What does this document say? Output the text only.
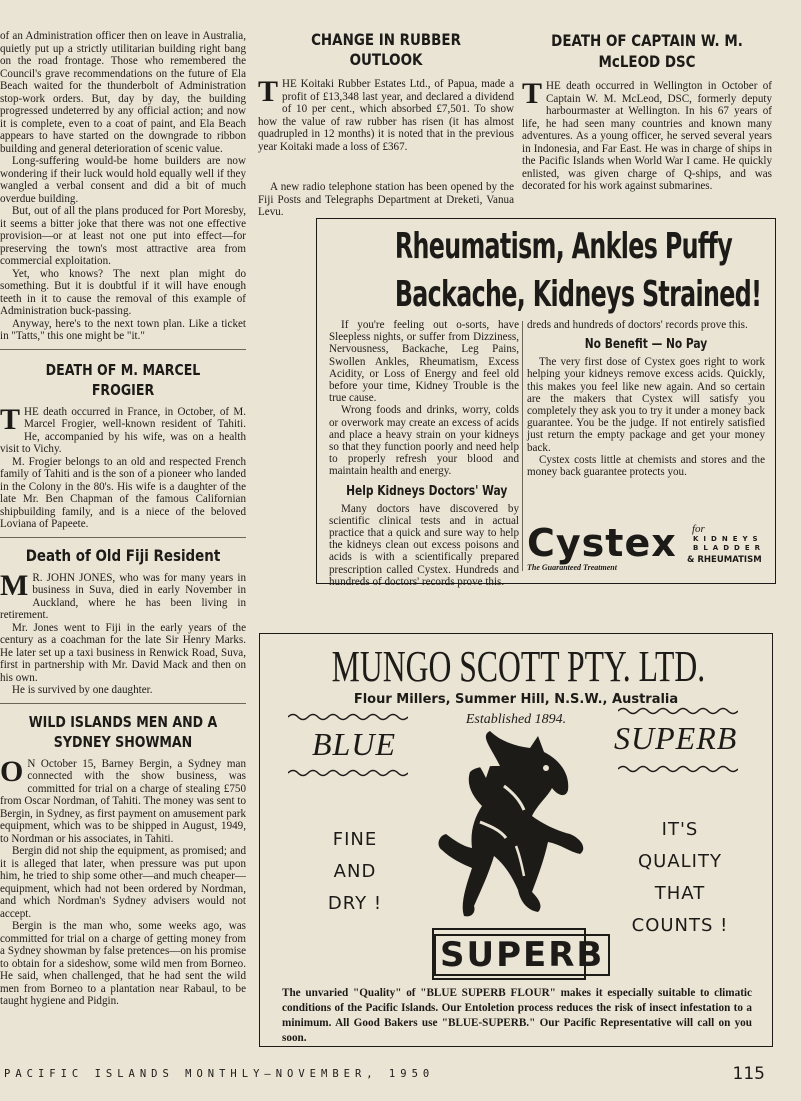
of an Administration officer then on leave in Australia, quietly put up a strictly utilitarian building right bang on the road frontage. Those who remembered the Council's grave recommendations on the future of Ela Beach waited for the thunderbolt of Administration stop-work orders. But, day by day, the building progressed undeterred by any official action; and now it is complete, even to a coat of paint, and Ela Beach appears to have started on the downgrade to ribbon building and general deterioration of scenic value.

Long-suffering would-be home builders are now wondering if their luck would hold equally well if they wangled a verbal consent and did a bit of much overdue building.

But, out of all the plans produced for Port Moresby, it seems a bitter joke that there was not one effective provision—or at least not one put into effect—for preserving the town's most attractive area from commercial exploitation.

Yet, who knows? The next plan might do something. But it is doubtful if it will have enough teeth in it to cause the removal of this example of Administration buck-passing.

Anyway, here's to the next town plan. Like a ticket in "Tatts," this one might be "it."

DEATH OF M. MARCEL FROGIER

THE death occurred in France, in October, of M. Marcel Frogier, well-known resident of Tahiti. He, accompanied by his wife, was on a health visit to Vichy.

M. Frogier belongs to an old and respected French family of Tahiti and is the son of a pioneer who landed in the Colony in the 80's. His wife is a daughter of the late Mr. Ben Chapman of the famous Californian shipbuilding family, and is a niece of the beloved Loviana of Papeete.

Death of Old Fiji Resident

M R. JOHN JONES, who was for many years in business in Suva, died in early November in Auckland, where he has been living in retirement.

Mr. Jones went to Fiji in the early years of the century as a coachman for the late Sir Henry Marks. He later set up a taxi business in Renwick Road, Suva, first in partnership with Mr. David Mack and then on his own.

He is survived by one daughter.

WILD ISLANDS MEN AND A SYDNEY SHOWMAN

O N October 15, Barney Bergin, a Sydney man connected with the show business, was committed for trial on a charge of stealing £750 from Oscar Nordman, of Tahiti. The money was sent to Bergin, in Sydney, as first payment on amusement park equipment, which was to be shipped in August, 1949, to Nordman or his associates, in Tahiti.

Bergin did not ship the equipment, as promised; and it is alleged that later, when pressure was put upon him, he tried to ship some other—and much cheaper—equipment, which had not been ordered by Nordman, and which Nordman's Sydney advisers would not accept.

Bergin is the man who, some weeks ago, was committed for trial on a charge of getting money from a Sydney showman by false pretences—on his promise to obtain for a sideshow, some wild men from Borneo. He said, when challenged, that he had sent the wild men from Borneo to a plantation near Rabaul, to be taught hygiene and Pidgin.

CHANGE IN RUBBER OUTLOOK

THE Koitaki Rubber Estates Ltd., of Papua, made a profit of £13,348 last year, and declared a dividend of 10 per cent., which absorbed £7,501. To show how the value of raw rubber has risen (it has almost quadrupled in 12 months) it is noted that in the previous year Koitaki made a loss of £367.

A new radio telephone station has been opened by the Fiji Posts and Telegraphs Department at Dreketi, Vanua Levu.

DEATH OF CAPTAIN W. M. McLEOD DSC

THE death occurred in Wellington in October of Captain W. M. McLeod, DSC, formerly deputy harbourmaster at Wellington. In his 67 years of life, he had seen many countries and known many adventures. As a young officer, he served several years in Indonesia, and Far East. He was in charge of ships in the Pacific Islands when World War I came. He quickly enlisted, was given charge of Q-ships, and was decorated for his work against submarines.

Rheumatism, Ankles Puffy
Backache, Kidneys Strained!

If you're feeling out o-sorts, have Sleepless nights, or suffer from Dizziness, Nervousness, Backache, Leg Pains, Swollen Ankles, Rheumatism, Excess Acidity, or Loss of Energy and feel old before your time, Kidney Trouble is the true cause.

Wrong foods and drinks, worry, colds or overwork may create an excess of acids and place a heavy strain on your kidneys so that they function poorly and need help to properly refresh your blood and maintain health and energy.

Help Kidneys Doctors' Way

Many doctors have discovered by scientific clinical tests and in actual practice that a quick and sure way to help the kidneys clean out excess poisons and acids is with a scientifically prepared prescription called Cystex. Hundreds and hundreds of doctors' records prove this.

dreds and hundreds of doctors' records prove this.

No Benefit — No Pay

The very first dose of Cystex goes right to work helping your kidneys remove excess acids. Quickly, this makes you feel like new again. And so certain are the makers that Cystex will satisfy you completely they ask you to try it under a money back guarantee. You be the judge. If not entirely satisfied just return the empty package and get your money back.

Cystex costs little at chemists and stores and the money back guarantee protects you.

Cystex for
KIDNEYS BLADDER
& RHEUMATISM
The Guaranteed Treatment
MUNGO SCOTT PTY. LTD.
Flour Millers, Summer Hill, N.S.W., Australia
Established 1894.
BLUE	SUPERB
FINE
AND
DRY !
IT'S
QUALITY
THAT
COUNTS !
SUPERB
The unvaried "Quality" of "BLUE SUPERB FLOUR" makes it especially suitable to climatic conditions of the Pacific Islands. Our Entoletion process reduces the risk of insect infestation to a minimum. All Good Bakers use "BLUE-SUPERB." Our Pacific Representative will call on you soon.
PACIFIC ISLANDS MONTHLY—NOVEMBER, 1950	115
